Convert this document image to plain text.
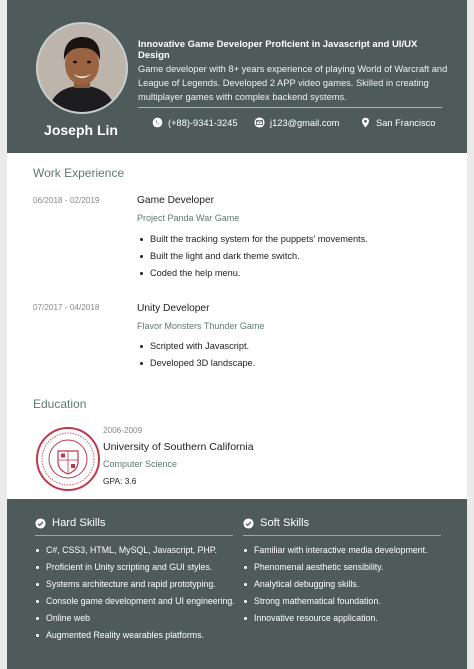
Joseph Lin
Innovative Game Developer Proficient in Javascript and UI/UX Design
Game developer with 8+ years experience of playing World of Warcraft and League of Legends. Developed 2 APP video games. Skilled in creating multiplayer games with complex backend systems.
(+88)-9341-3245	j123@gmail.com	San Francisco
Work Experience
06/2018 - 02/2019	Game Developer
Project Panda War Game
Built the tracking system for the puppets' movements.
Built the light and dark theme switch.
Coded the help menu.
07/2017 - 04/2018	Unity Developer
Flavor Monsters Thunder Game
Scripted with Javascript.
Developed 3D landscape.
Education
2006-2009
University of Southern California
Computer Science
GPA: 3.6
Hard Skills
C#, CSS3, HTML, MySQL, Javascript, PHP.
Proficient in Unity scripting and GUI styles.
Systems architecture and rapid prototyping.
Console game development and UI engineering.
Online web
Augmented Reality wearables platforms.
Soft Skills
Familiar with interactive media development.
Phenomenal aesthetic sensibility.
Analytical debugging skills.
Strong mathematical foundation.
Innovative resource application.
